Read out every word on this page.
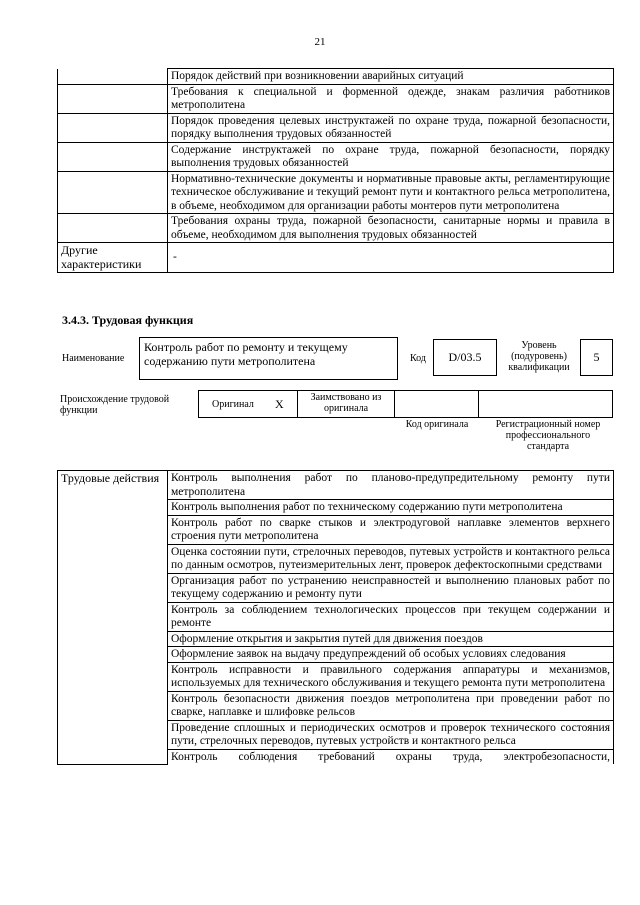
21
	Порядок действий при возникновении аварийных ситуаций
	Требования к специальной и форменной одежде, знакам различия работников метрополитена
	Порядок проведения целевых инструктажей по охране труда, пожарной безопасности, порядку выполнения трудовых обязанностей
	Содержание инструктажей по охране труда, пожарной безопасности, порядку выполнения трудовых обязанностей
	Нормативно-технические документы и нормативные правовые акты, регламентирующие техническое обслуживание и текущий ремонт пути и контактного рельса метрополитена, в объеме, необходимом для организации работы монтеров пути метрополитена
	Требования охраны труда, пожарной безопасности, санитарные нормы и правила в объеме, необходимом для выполнения трудовых обязанностей
Другие характеристики	-
3.4.3. Трудовая функция
Наименование
Контроль работ по ремонту и текущему содержанию пути метрополитена	Код	D/03.5
Уровень (подуровень) квалификации
5
Происхождение трудовой функции
Оригинал X	Заимствовано из оригинала
Код оригинала	Регистрационный номер профессионального стандарта
Трудовые действия	Контроль выполнения работ по планово-предупредительному ремонту пути метрополитена
Контроль выполнения работ по техническому содержанию пути метрополитена
Контроль работ по сварке стыков и электродуговой наплавке элементов верхнего строения пути метрополитена
Оценка состоянии пути, стрелочных переводов, путевых устройств и контактного рельса по данным осмотров, путеизмерительных лент, проверок дефектоскопными средствами
Организация работ по устранению неисправностей и выполнению плановых работ по текущему содержанию и ремонту пути
Контроль за соблюдением технологических процессов при текущем содержании и ремонте
Оформление открытия и закрытия путей для движения поездов
Оформление заявок на выдачу предупреждений об особых условиях следования
Контроль исправности и правильного содержания аппаратуры и механизмов, используемых для технического обслуживания и текущего ремонта пути метрополитена
Контроль безопасности движения поездов метрополитена при проведении работ по сварке, наплавке и шлифовке рельсов
Проведение сплошных и периодических осмотров и проверок технического состояния пути, стрелочных переводов, путевых устройств и контактного рельса
Контроль соблюдения требований охраны труда, электробезопасности,
